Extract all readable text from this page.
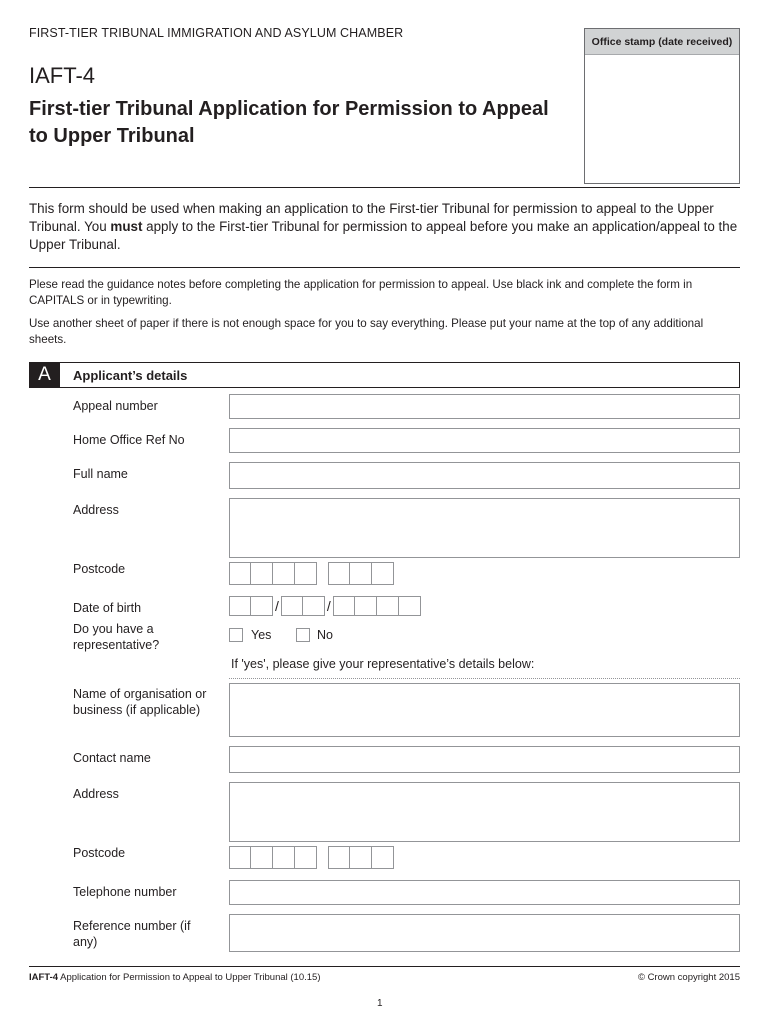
FIRST-TIER TRIBUNAL IMMIGRATION AND ASYLUM CHAMBER
Office stamp (date received)
IAFT-4
First-tier Tribunal Application for Permission to Appeal to Upper Tribunal
This form should be used when making an application to the First-tier Tribunal for permission to appeal to the Upper Tribunal. You must apply to the First-tier Tribunal for permission to appeal before you make an application/appeal to the Upper Tribunal.
Plese read the guidance notes before completing the application for permission to appeal. Use black ink and complete the form in CAPITALS or in typewriting.
Use another sheet of paper if there is not enough space for you to say everything. Please put your name at the top of any additional sheets.
A	Applicant’s details
Appeal number
Home Office Ref No
Full name
Address
Postcode
Date of birth	/	/
Do you have a representative?
Yes	No
If 'yes', please give your representative’s details below:
Name of organisation or business (if applicable)
Contact name
Address
Postcode
Telephone number
Reference number (if any)
IAFT-4 Application for Permission to Appeal to Upper Tribunal (10.15)	© Crown copyright 2015
1
